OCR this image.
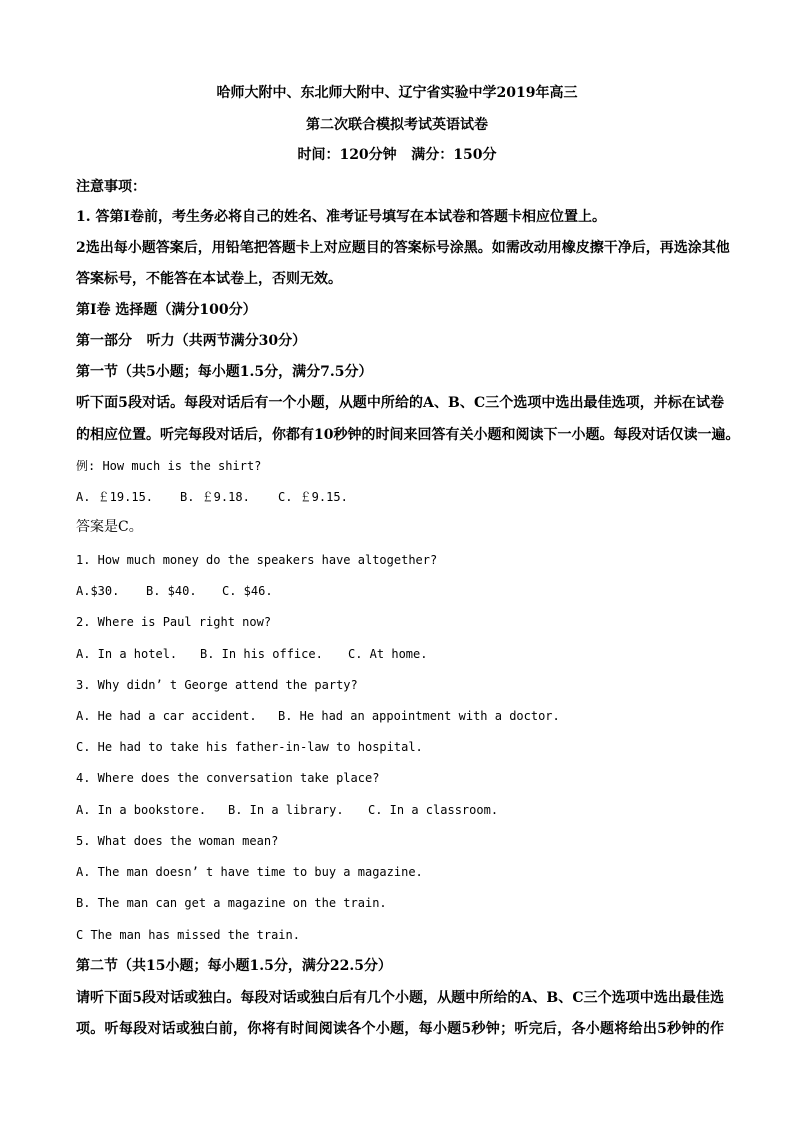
哈师大附中、东北师大附中、辽宁省实验中学2019年高三
第二次联合模拟考试英语试卷
时间：120分钟   满分：150分
注意事项：
1. 答第Ⅰ卷前，考生务必将自己的姓名、准考证号填写在本试卷和答题卡相应位置上。
2选出每小题答案后，用铅笔把答题卡上对应题目的答案标号涂黑。如需改动用橡皮擦干净后，再选涂其他
答案标号，不能答在本试卷上，否则无效。
第Ⅰ卷 选择题（满分100分）
第一部分   听力（共两节满分30分）
第一节（共5小题；每小题1.5分，满分7.5分）
听下面5段对话。每段对话后有一个小题，从题中所给的A、B、C三个选项中选出最佳选项，并标在试卷
的相应位置。听完每段对话后，你都有10秒钟的时间来回答有关小题和阅读下一小题。每段对话仅读一遍。
例: How much is the shirt?
A. ￡19.15. B. ￡9.18. C. ￡9.15.
答案是C。
1. How much money do the speakers have altogether?
A.$30. B. $40. C. $46.
2. Where is Paul right now?
A. In a hotel. B. In his office. C. At home.
3. Why didn’ t George attend the party?
A. He had a car accident. B. He had an appointment with a doctor.
C. He had to take his father-in-law to hospital.
4. Where does the conversation take place?
A. In a bookstore. B. In a library. C. In a classroom.
5. What does the woman mean?
A. The man doesn’ t have time to buy a magazine.
B. The man can get a magazine on the train.
C The man has missed the train.
第二节（共15小题；每小题1.5分，满分22.5分）
请听下面5段对话或独白。每段对话或独白后有几个小题，从题中所给的A、B、C三个选项中选出最佳选
项。听每段对话或独白前，你将有时间阅读各个小题，每小题5秒钟；听完后，各小题将给出5秒钟的作
